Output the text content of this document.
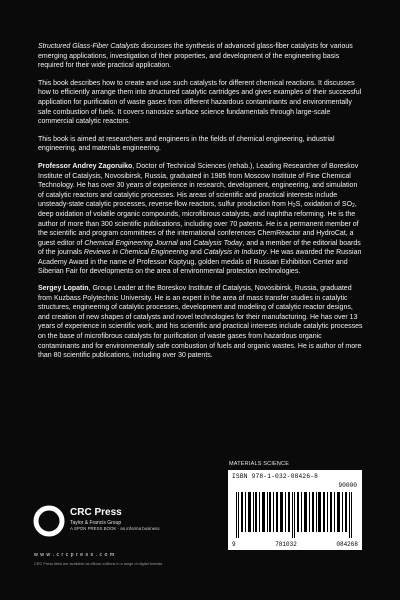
Structured Glass-Fiber Catalysts discusses the synthesis of advanced glass-fiber catalysts for various emerging applications, investigation of their properties, and development of the engineering basis required for their wide practical application.

This book describes how to create and use such catalysts for different chemical reactions. It discusses how to efficiently arrange them into structured catalytic cartridges and gives examples of their successful application for purification of waste gases from different hazardous contaminants and environmentally safe combustion of fuels. It covers nanosize surface science fundamentals through large-scale commercial catalytic reactors.

This book is aimed at researchers and engineers in the fields of chemical engineering, industrial engineering, and materials engineering.

Professor Andrey Zagoruiko, Doctor of Technical Sciences (rehab.), Leading Researcher of Boreskov Institute of Catalysis, Novosibirsk, Russia, graduated in 1985 from Moscow Institute of Fine Chemical Technology. He has over 30 years of experience in research, development, engineering, and simulation of catalytic reactors and catalytic processes. His areas of scientific and practical interests include unsteady-state catalytic processes, reverse-flow reactors, sulfur production from $H_2S$, oxidation of $SO_2$, deep oxidation of volatile organic compounds, microfibrous catalysts, and naphtha reforming. He is the author of more than 300 scientific publications, including over 70 patents. He is a permanent member of the scientific and program committees of the international conferences ChemReactor and HydroCat, a guest editor of Chemical Engineering Journal and Catalysis Today, and a member of the editorial boards of the journals Reviews in Chemical Engineering and Catalysis in Industry. He was awarded the Russian Academy Award in the name of Professor Koptyug, golden medals of Russian Exhibition Center and Siberian Fair for developments on the area of environmental protection technologies.

Sergey Lopatin, Group Leader at the Boreskov Institute of Catalysis, Novosibirsk, Russia, graduated from Kuzbass Polytechnic University. He is an expert in the area of mass transfer studies in catalytic structures, engineering of catalytic processes, development and modeling of catalytic reactor designs, and creation of new shapes of catalysts and novel technologies for their manufacturing. He has over 13 years of experience in scientific work, and his scientific and practical interests include catalytic processes on the base of microfibrous catalysts for purification of waste gases from hazardous organic contaminants and for environmentally safe combustion of fuels and organic wastes. He is author of more than 80 scientific publications, including over 30 patents.

MATERIALS SCIENCE
ISBN 978-1-032-08426-8
90000
9	781032	084268
CRC
CRC Press
Taylor & Francis Group
A SPON PRESS BOOK · an informa business
w w w . c r c p r e s s . c o m
CRC Press titles are available as eBook editions in a range of digital formats
